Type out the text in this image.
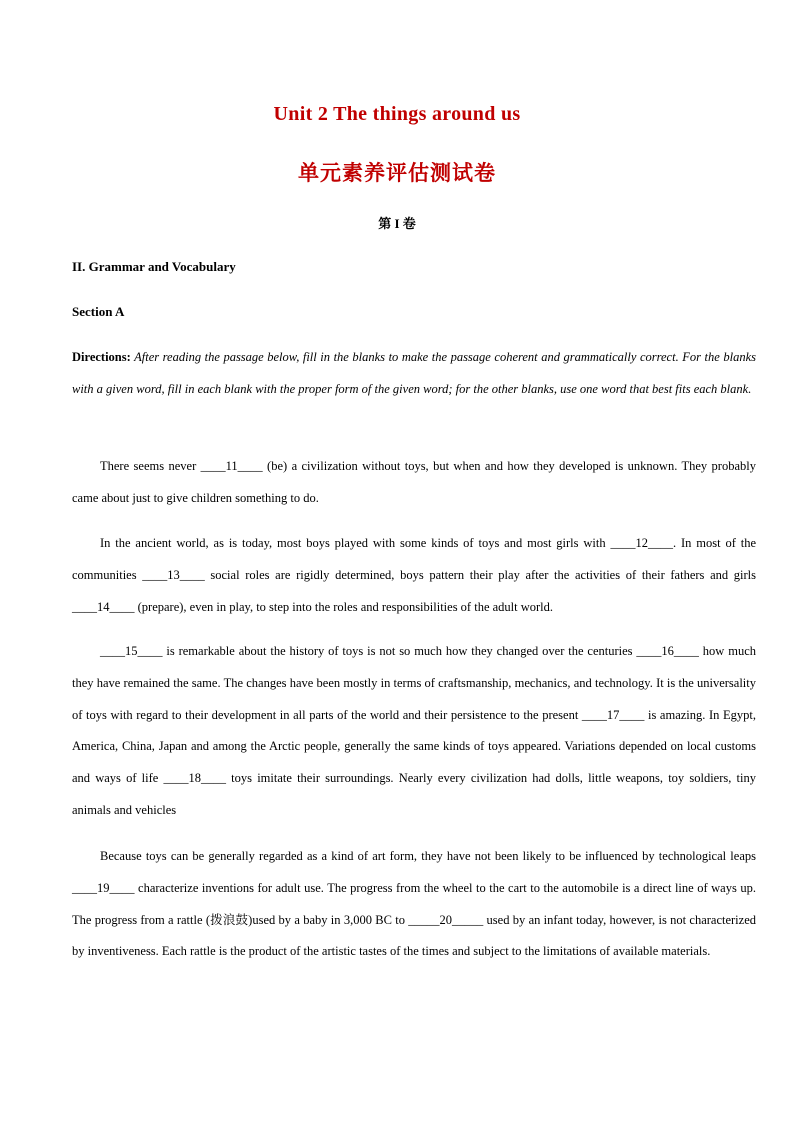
Unit 2 The things around us
单元素养评估测试卷
第 I 卷
II. Grammar and Vocabulary
Section A

Directions: After reading the passage below, fill in the blanks to make the passage coherent and grammatically correct. For the blanks with a given word, fill in each blank with the proper form of the given word; for the other blanks, use one word that best fits each blank.

There seems never ____11____ (be) a civilization without toys, but when and how they developed is unknown. They probably came about just to give children something to do.

In the ancient world, as is today, most boys played with some kinds of toys and most girls with ____12____. In most of the communities ____13____ social roles are rigidly determined, boys pattern their play after the activities of their fathers and girls ____14____ (prepare), even in play, to step into the roles and responsibilities of the adult world.

____15____ is remarkable about the history of toys is not so much how they changed over the centuries ____16____ how much they have remained the same. The changes have been mostly in terms of craftsmanship, mechanics, and technology. It is the universality of toys with regard to their development in all parts of the world and their persistence to the present ____17____ is amazing. In Egypt, America, China, Japan and among the Arctic people, generally the same kinds of toys appeared. Variations depended on local customs and ways of life ____18____ toys imitate their surroundings. Nearly every civilization had dolls, little weapons, toy soldiers, tiny animals and vehicles

Because toys can be generally regarded as a kind of art form, they have not been likely to be influenced by technological leaps ____19____ characterize inventions for adult use. The progress from the wheel to the cart to the automobile is a direct line of ways up. The progress from a rattle (拨浪鼓)used by a baby in 3,000 BC to _____20_____ used by an infant today, however, is not characterized by inventiveness. Each rattle is the product of the artistic tastes of the times and subject to the limitations of available materials.
